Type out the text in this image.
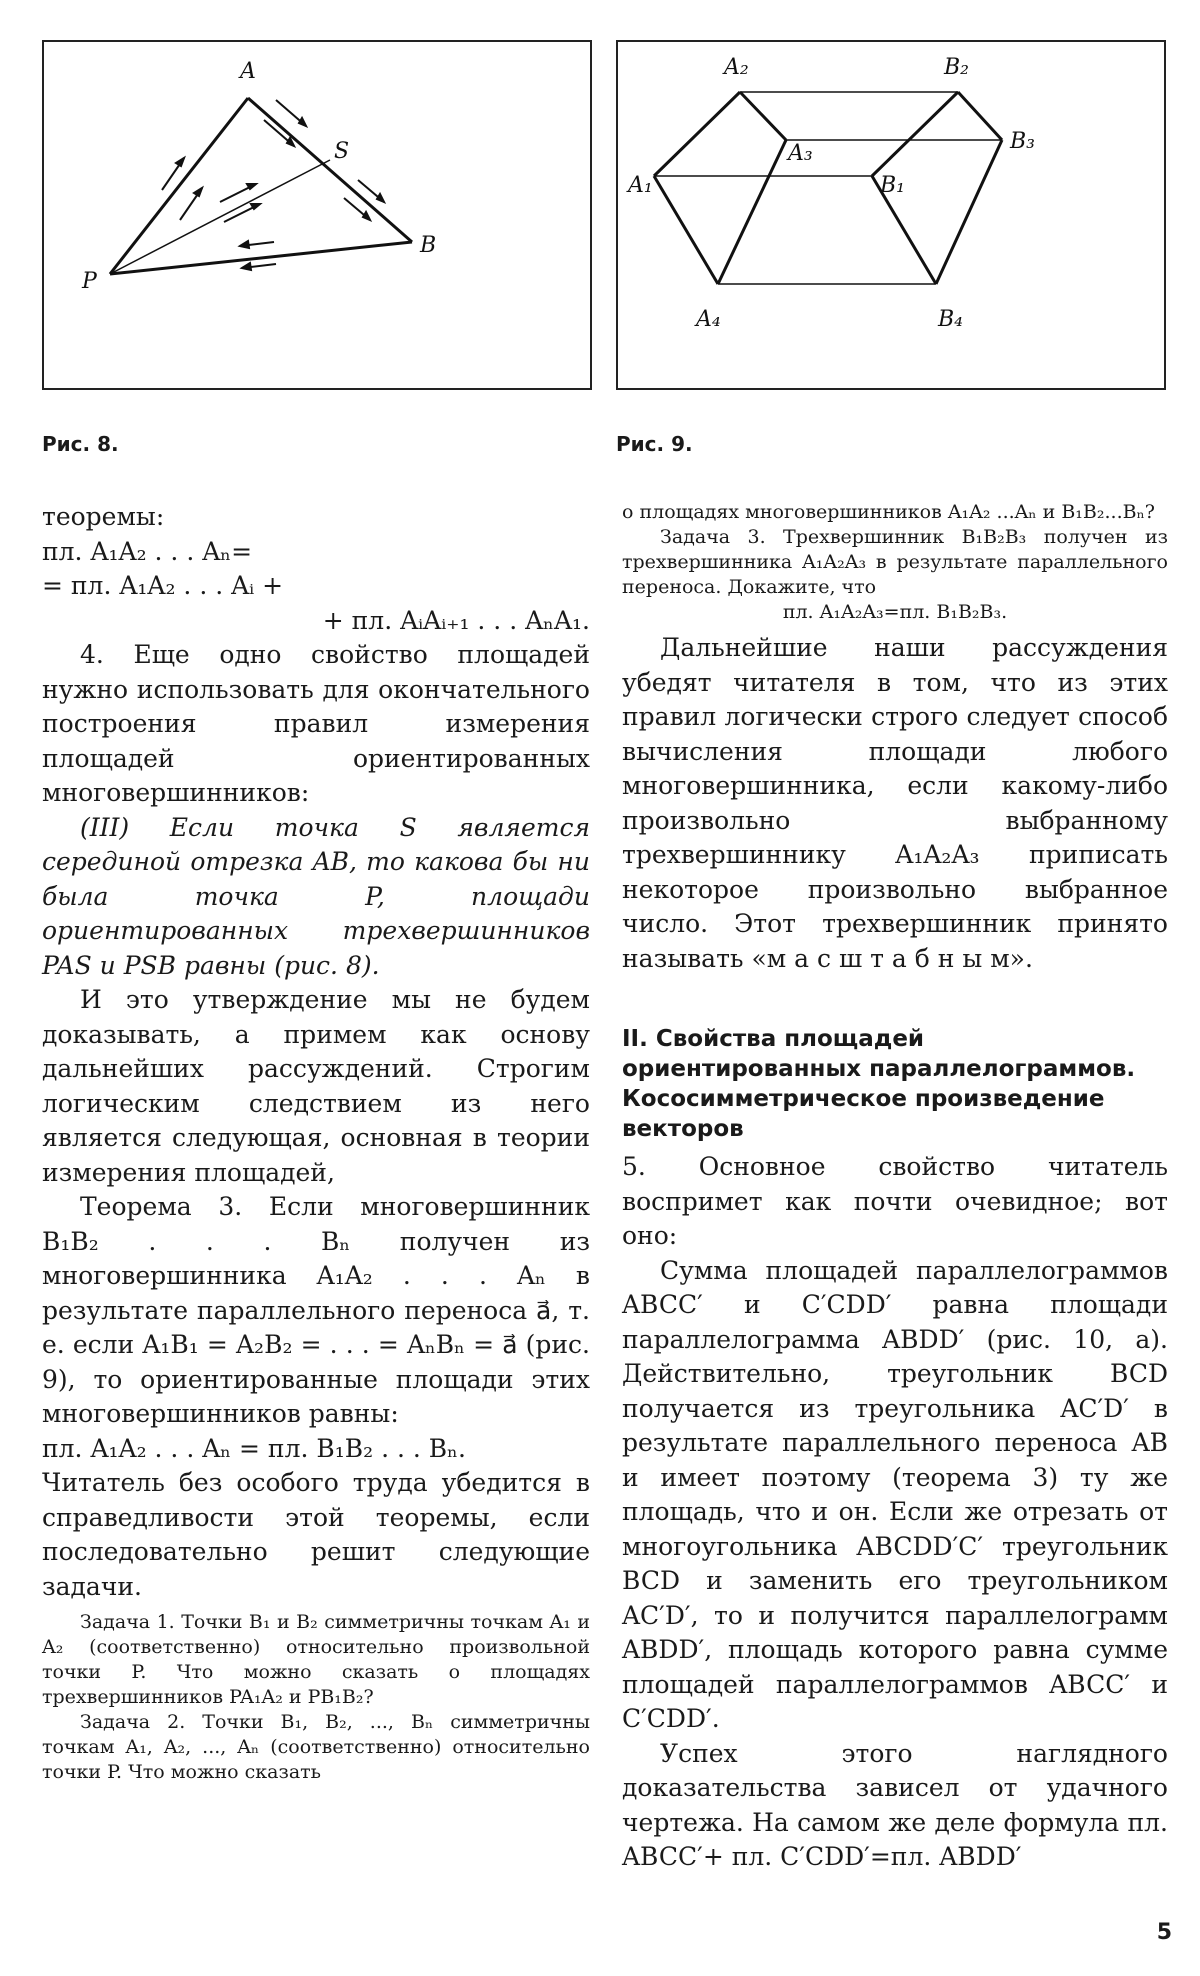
A
S
B
P
Рис. 8.
A₂	B₂
A₃	B₃
A₁	B₁
A₄	B₄
Рис. 9.

теоремы:

пл. A₁A₂ . . . Aₙ=

= пл. A₁A₂ . . . Aᵢ +

+ пл. AᵢAᵢ₊₁ . . . AₙA₁.

4. Еще одно свойство площадей нужно использовать для окончательного построения правил измерения площадей ориентированных многовершинников:

(III) Если точка S является серединой отрезка AB, то какова бы ни была точка P, площади ориентированных трехвершинников PAS и PSB равны (рис. 8).

И это утверждение мы не будем доказывать, а примем как основу дальнейших рассуждений. Строгим логическим следствием из него является следующая, основная в теории измерения площадей,

Теорема 3. Если многовершинник B₁B₂ . . . Bₙ получен из многовершинника A₁A₂ . . . Aₙ в результате параллельного переноса a⃗, т. е. если A₁B₁ = A₂B₂ = . . . = AₙBₙ = a⃗ (рис. 9), то ориентированные площади этих многовершинников равны:

пл. A₁A₂ . . . Aₙ = пл. B₁B₂ . . . Bₙ.

Читатель без особого труда убедится в справедливости этой теоремы, если последовательно решит следующие задачи.

Задача 1. Точки B₁ и B₂ симметричны точкам A₁ и A₂ (соответственно) относительно произвольной точки P. Что можно сказать о площадях трехвершинников PA₁A₂ и PB₁B₂?

Задача 2. Точки B₁, B₂, ..., Bₙ симметричны точкам A₁, A₂, ..., Aₙ (соответственно) относительно точки P. Что можно сказать

о площадях многовершинников A₁A₂ ...Aₙ и B₁B₂...Bₙ?

Задача 3. Трехвершинник B₁B₂B₃ получен из трехвершинника A₁A₂A₃ в результате параллельного переноса. Докажите, что

пл. A₁A₂A₃=пл. B₁B₂B₃.

Дальнейшие наши рассуждения убедят читателя в том, что из этих правил логически строго следует способ вычисления площади любого многовершинника, если какому-либо произвольно выбранному трехвершиннику A₁A₂A₃ приписать некоторое произвольно выбранное число. Этот трехвершинник принято называть «м а с ш т а б н ы м».

II. Свойства площадей ориентированных параллелограммов. Кососимметрическое произведение векторов

5. Основное свойство читатель воспримет как почти очевидное; вот оно:

Сумма площадей параллелограммов ABCC′ и C′CDD′ равна площади параллелограмма ABDD′ (рис. 10, a). Действительно, треугольник BCD получается из треугольника AC′D′ в результате параллельного переноса AB и имеет поэтому (теорема 3) ту же площадь, что и он. Если же отрезать от многоугольника ABCDD′C′ треугольник BCD и заменить его треугольником AC′D′, то и получится параллелограмм ABDD′, площадь которого равна сумме площадей параллелограммов ABCC′ и C′CDD′.

Успех этого наглядного доказательства зависел от удачного чертежа. На самом же деле формула пл. ABCC′+ пл. C′CDD′=пл. ABDD′

5
